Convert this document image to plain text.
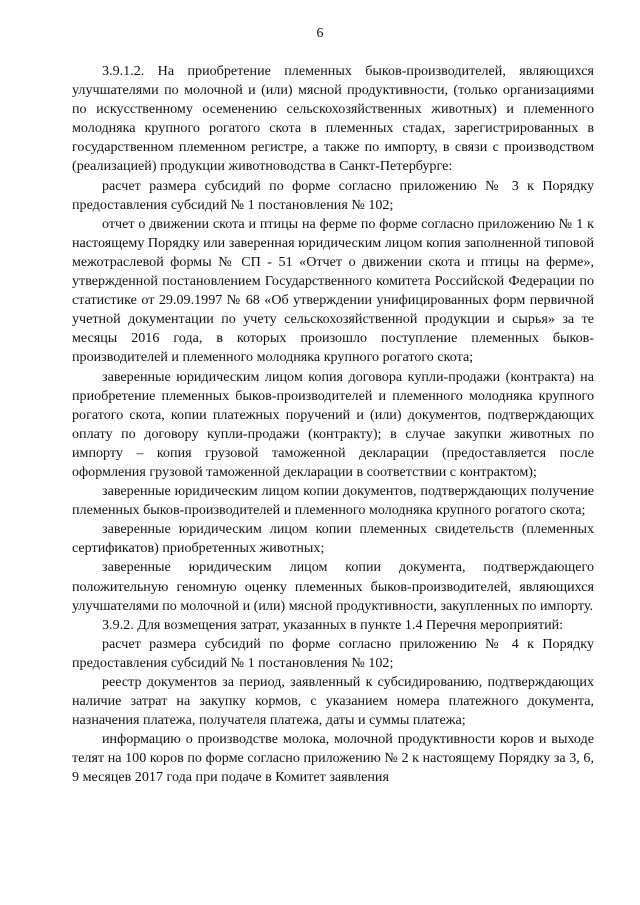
6

3.9.1.2. На приобретение племенных быков-производителей, являющихся улучшателями по молочной и (или) мясной продуктивности, (только организациями по искусственному осеменению сельскохозяйственных животных) и племенного молодняка крупного рогатого скота в племенных стадах, зарегистрированных в государственном племенном регистре, а также по импорту, в связи с производством (реализацией) продукции животноводства в Санкт-Петербурге:

расчет размера субсидий по форме согласно приложению № 3 к Порядку предоставления субсидий № 1 постановления № 102;

отчет о движении скота и птицы на ферме по форме согласно приложению № 1 к настоящему Порядку или заверенная юридическим лицом копия заполненной типовой межотраслевой формы № СП - 51 «Отчет о движении скота и птицы на ферме», утвержденной постановлением Государственного комитета Российской Федерации по статистике от 29.09.1997 № 68 «Об утверждении унифицированных форм первичной учетной документации по учету сельскохозяйственной продукции и сырья» за те месяцы 2016 года, в которых произошло поступление племенных быков-производителей и племенного молодняка крупного рогатого скота;

заверенные юридическим лицом копия договора купли-продажи (контракта) на приобретение племенных быков-производителей и племенного молодняка крупного рогатого скота, копии платежных поручений и (или) документов, подтверждающих оплату по договору купли-продажи (контракту); в случае закупки животных по импорту – копия грузовой таможенной декларации (предоставляется после оформления грузовой таможенной декларации в соответствии с контрактом);

заверенные юридическим лицом копии документов, подтверждающих получение племенных быков-производителей и племенного молодняка крупного рогатого скота;

заверенные юридическим лицом копии племенных свидетельств (племенных сертификатов) приобретенных животных;

заверенные юридическим лицом копии документа, подтверждающего положительную геномную оценку племенных быков-производителей, являющихся улучшателями по молочной и (или) мясной продуктивности, закупленных по импорту.

3.9.2. Для возмещения затрат, указанных в пункте 1.4 Перечня мероприятий:

расчет размера субсидий по форме согласно приложению № 4 к Порядку предоставления субсидий № 1 постановления № 102;

реестр документов за период, заявленный к субсидированию, подтверждающих наличие затрат на закупку кормов, с указанием номера платежного документа, назначения платежа, получателя платежа, даты и суммы платежа;

информацию о производстве молока, молочной продуктивности коров и выходе телят на 100 коров по форме согласно приложению № 2 к настоящему Порядку за 3, 6, 9 месяцев 2017 года при подаче в Комитет заявления
